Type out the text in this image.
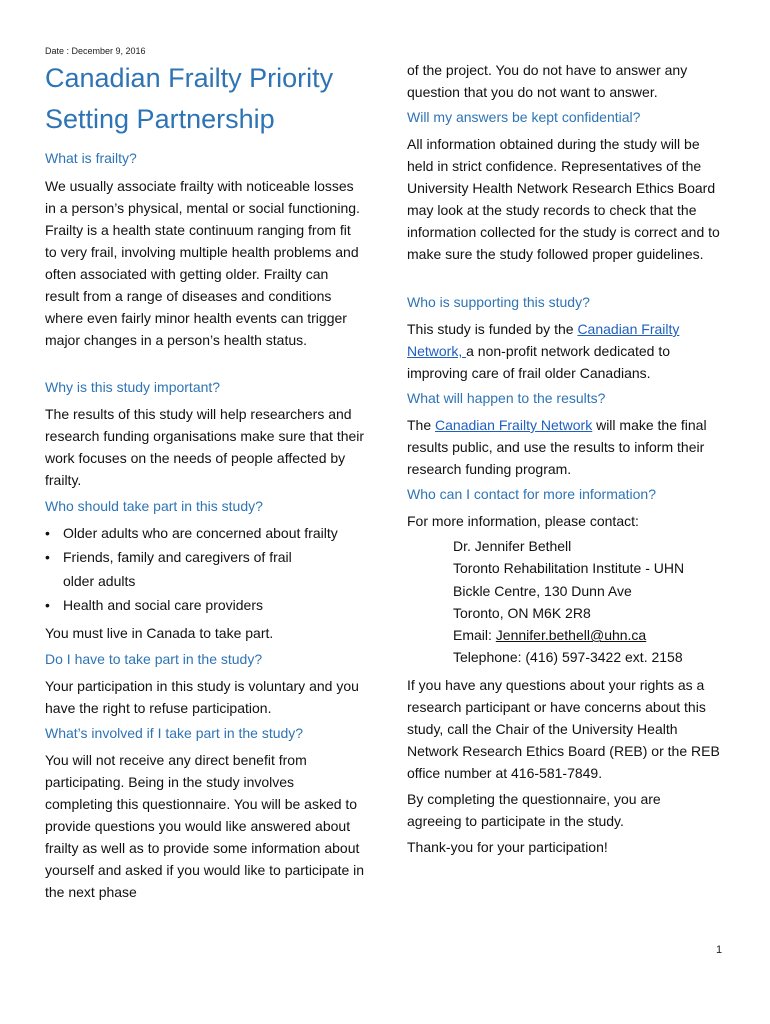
Date : December 9, 2016
Canadian Frailty Priority Setting Partnership
What is frailty?

We usually associate frailty with noticeable losses in a person’s physical, mental or social functioning. Frailty is a health state continuum ranging from fit to very frail, involving multiple health problems and often associated with getting older. Frailty can result from a range of diseases and conditions where even fairly minor health events can trigger major changes in a person’s health status.

Why is this study important?

The results of this study will help researchers and research funding organisations make sure that their work focuses on the needs of people affected by frailty.

Who should take part in this study?
• Older adults who are concerned about frailty
• Friends, family and caregivers of frail older adults
• Health and social care providers

You must live in Canada to take part.

Do I have to take part in the study?

Your participation in this study is voluntary and you have the right to refuse participation.

What’s involved if I take part in the study?

You will not receive any direct benefit from participating. Being in the study involves completing this questionnaire. You will be asked to provide questions you would like answered about frailty as well as to provide some information about yourself and asked if you would like to participate in the next phase

of the project. You do not have to answer any question that you do not want to answer.

Will my answers be kept confidential?

All information obtained during the study will be held in strict confidence. Representatives of the University Health Network Research Ethics Board may look at the study records to check that the information collected for the study is correct and to make sure the study followed proper guidelines.

Who is supporting this study?

This study is funded by the Canadian Frailty Network, a non-profit network dedicated to improving care of frail older Canadians.

What will happen to the results?

The Canadian Frailty Network will make the final results public, and use the results to inform their research funding program.

Who can I contact for more information?

For more information, please contact:

Dr. Jennifer Bethell
Toronto Rehabilitation Institute - UHN
Bickle Centre, 130 Dunn Ave
Toronto, ON M6K 2R8
Email: Jennifer.bethell@uhn.ca
Telephone: (416) 597-3422 ext. 2158

If you have any questions about your rights as a research participant or have concerns about this study, call the Chair of the University Health Network Research Ethics Board (REB) or the REB office number at 416-581-7849.

By completing the questionnaire, you are agreeing to participate in the study.

Thank-you for your participation!

1
